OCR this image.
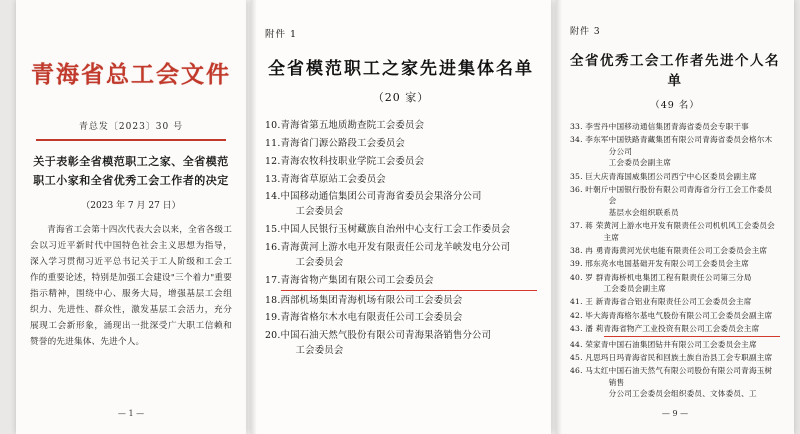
青海省总工会文件
青总发〔2023〕30 号
关于表彰全省模范职工之家、全省模范职工小家和全省优秀工会工作者的决定
（2023 年 7 月 27 日）
青海省工会第十四次代表大会以来，全省各级工会以习近平新时代中国特色社会主义思想为指导，深入学习贯彻习近平总书记关于工人阶级和工会工作的重要论述，特别是加强工会建设"三个着力"重要指示精神，围绕中心、服务大局，增强基层工会组织力、先进性、群众性，激发基层工会活力，充分展现工会新形象，涌现出一批深受广大职工信赖和赞誉的先进集体、先进个人。
— 1 —
附件 1
全省模范职工之家先进集体名单
（20 家）
10. 青海省第五地质勘查院工会委员会
11. 青海省门源公路段工会委员会
12. 青海农牧科技职业学院工会委员会
13. 青海省草原站工会委员会
14. 中国移动通信集团公司青海省委员会果洛分公司
工会委员会
15. 中国人民银行玉树藏族自治州中心支行工会工作委员会
16. 青海黄河上游水电开发有限责任公司龙羊峡发电分公司
工会委员会
17. 青海省物产集团有限公司工会委员会
18. 西部机场集团青海机场有限公司工会委员会
19. 青海省格尔木水电有限责任公司工会委员会
20. 中国石油天然气股份有限公司青海果洛销售分公司
工会委员会
附件 3
全省优秀工会工作者先进个人名单
（49 名）
33. 李雪丹 中国移动通信集团青海省委员会专职干事
34. 李东军 中国铁路青藏集团有限公司青海省委员会格尔木分公司
工会委员会副主席
35. 巨大庆 青海国威集团公司西宁中心区委员会副主席
36. 叶朝斤 中国银行股份有限公司青海省分行工会工作委员会
基层水会组织联系员
37. 蒋 荣 黄河上游水电开发有限责任公司机机风工会委员会主席
38. 冉 勇 青海黄河光伏电能有限责任公司工会委员会主席
39. 邢东亮 水电国基础开发有限公司工会委员会主席
40. 罗 群 青海桥机电集团工程有限责任公司第三分局
工会委员会副主席
41. 王 新 青海省合铝业有限责任公司工会委员会主席
42. 毕大海 青海格尔基电气股份有限公司工会委员会副主席
43. 潘 莉 青海省物产工业投资有限公司工会委员会主席
44. 荣家青 中国石油集团钻井有限公司工会委员会主席
45. 凡思玛日玛 青海省民和回族土族自治县工会专职副主席
46. 马太红 中国石油天然气有限公司股份有限公司青海玉树销售
分公司工会委员会组织委员、文体委员、工
— 9 —
